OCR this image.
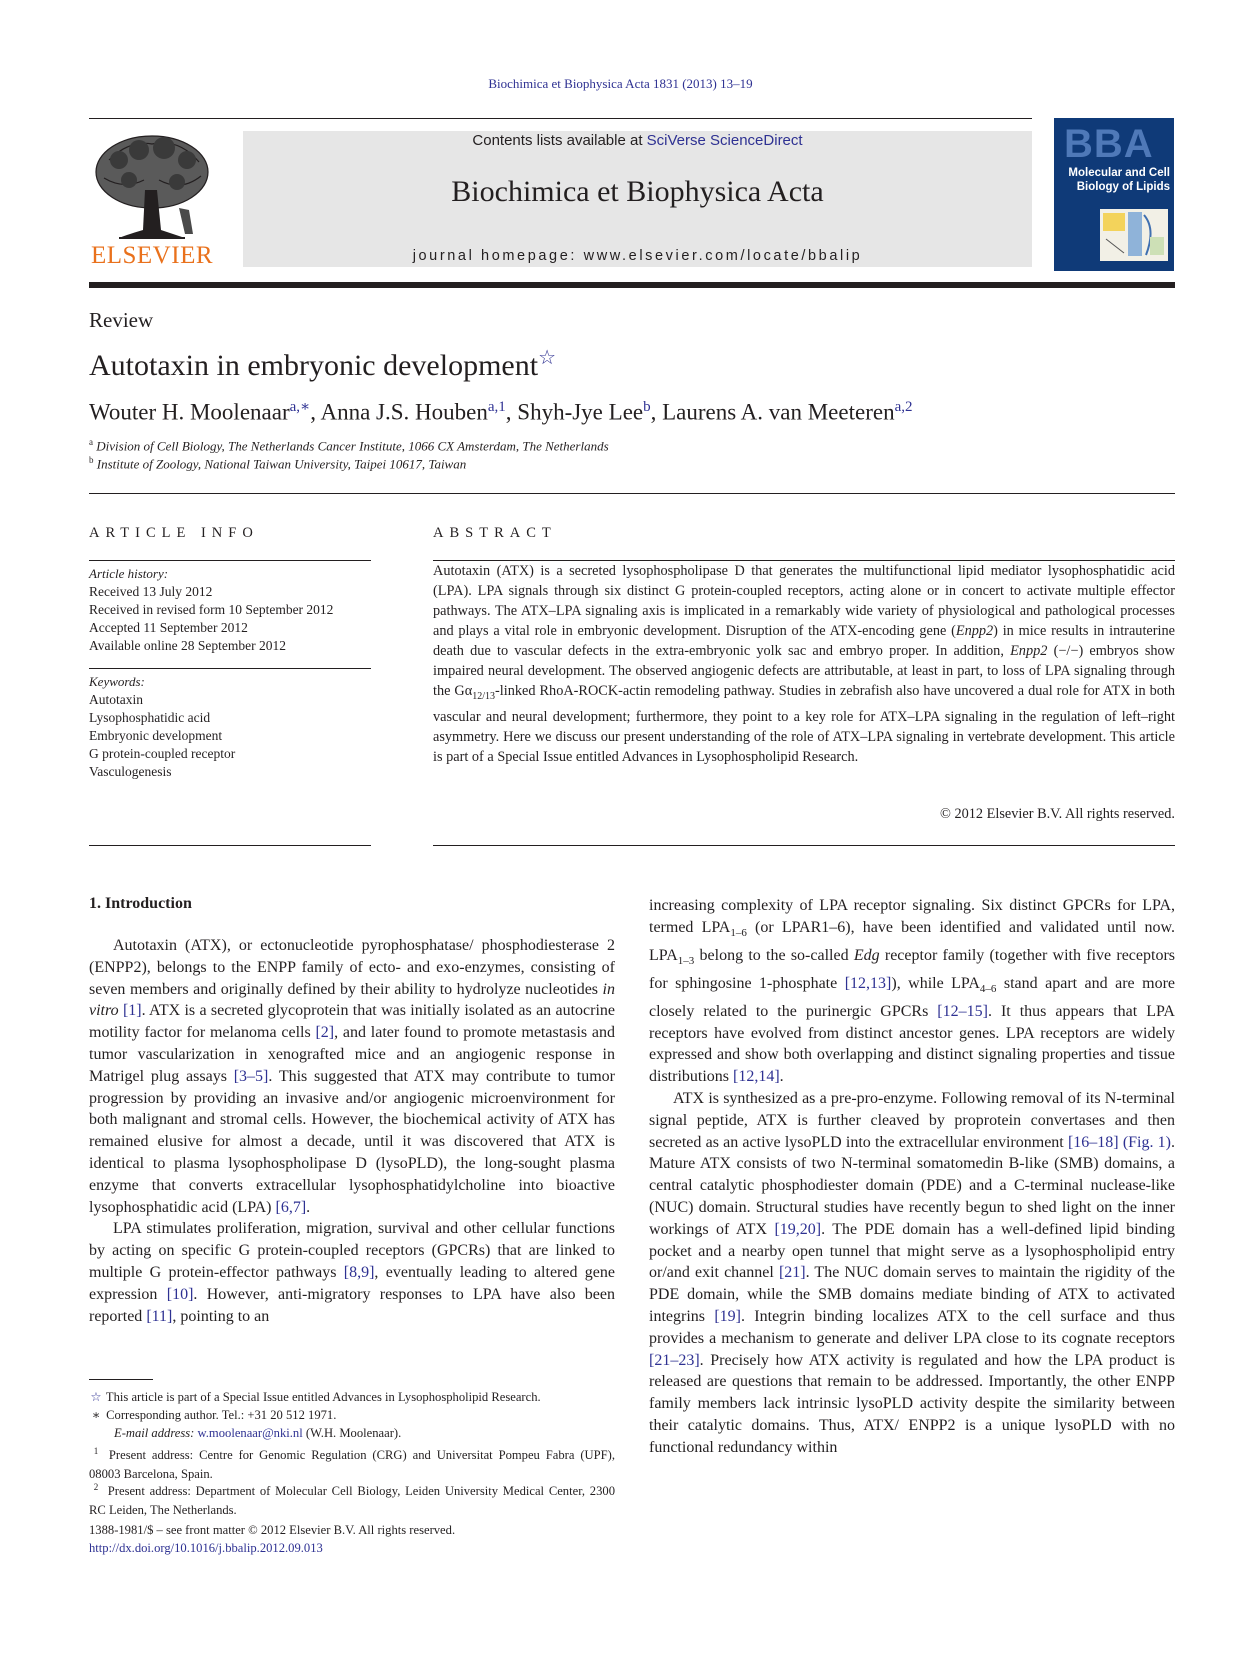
Biochimica et Biophysica Acta 1831 (2013) 13–19
ELSEVIER
Contents lists available at SciVerse ScienceDirect
Biochimica et Biophysica Acta
journal homepage: www.elsevier.com/locate/bbalip
BBA
Molecular and Cell Biology of Lipids
Review
Autotaxin in embryonic development☆
Wouter H. Moolenaar$^{a,∗}$, Anna J.S. Houben$^{a,1}$, Shyh-Jye Lee$^b$, Laurens A. van Meeteren$^{a,2}$
$^a$ Division of Cell Biology, The Netherlands Cancer Institute, 1066 CX Amsterdam, The Netherlands
$^b$ Institute of Zoology, National Taiwan University, Taipei 10617, Taiwan
ARTICLE INFO
Article history:
Received 13 July 2012
Received in revised form 10 September 2012
Accepted 11 September 2012
Available online 28 September 2012
Keywords:
Autotaxin
Lysophosphatidic acid
Embryonic development
G protein-coupled receptor
Vasculogenesis
ABSTRACT
Autotaxin (ATX) is a secreted lysophospholipase D that generates the multifunctional lipid mediator lysophosphatidic acid (LPA). LPA signals through six distinct G protein-coupled receptors, acting alone or in concert to activate multiple effector pathways. The ATX–LPA signaling axis is implicated in a remarkably wide variety of physiological and pathological processes and plays a vital role in embryonic development. Disruption of the ATX-encoding gene (Enpp2) in mice results in intrauterine death due to vascular defects in the extra-embryonic yolk sac and embryo proper. In addition, Enpp2 (−/−) embryos show impaired neural development. The observed angiogenic defects are attributable, at least in part, to loss of LPA signaling through the $G\alpha_{12/13}$-linked RhoA-ROCK-actin remodeling pathway. Studies in zebrafish also have uncovered a dual role for ATX in both vascular and neural development; furthermore, they point to a key role for ATX–LPA signaling in the regulation of left–right asymmetry. Here we discuss our present understanding of the role of ATX–LPA signaling in vertebrate development. This article is part of a Special Issue entitled Advances in Lysophospholipid Research.
© 2012 Elsevier B.V. All rights reserved.
1. Introduction

Autotaxin (ATX), or ectonucleotide pyrophosphatase/ phosphodiesterase 2 (ENPP2), belongs to the ENPP family of ecto- and exo-enzymes, consisting of seven members and originally defined by their ability to hydrolyze nucleotides in vitro [1]. ATX is a secreted glycoprotein that was initially isolated as an autocrine motility factor for melanoma cells [2], and later found to promote metastasis and tumor vascularization in xenografted mice and an angiogenic response in Matrigel plug assays [3–5]. This suggested that ATX may contribute to tumor progression by providing an invasive and/or angiogenic microenvironment for both malignant and stromal cells. However, the biochemical activity of ATX has remained elusive for almost a decade, until it was discovered that ATX is identical to plasma lysophospholipase D (lysoPLD), the long-sought plasma enzyme that converts extracellular lysophosphatidylcholine into bioactive lysophosphatidic acid (LPA) [6,7].

LPA stimulates proliferation, migration, survival and other cellular functions by acting on specific G protein-coupled receptors (GPCRs) that are linked to multiple G protein-effector pathways [8,9], eventually leading to altered gene expression [10]. However, anti-migratory responses to LPA have also been reported [11], pointing to an

increasing complexity of LPA receptor signaling. Six distinct GPCRs for LPA, termed $LPA_{1-6}$ (or LPAR1–6), have been identified and validated until now. $LPA_{1-3}$ belong to the so-called Edg receptor family (together with five receptors for sphingosine 1-phosphate [12,13]), while $LPA_{4-6}$ stand apart and are more closely related to the purinergic GPCRs [12–15]. It thus appears that LPA receptors have evolved from distinct ancestor genes. LPA receptors are widely expressed and show both overlapping and distinct signaling properties and tissue distributions [12,14].

ATX is synthesized as a pre-pro-enzyme. Following removal of its N-terminal signal peptide, ATX is further cleaved by proprotein convertases and then secreted as an active lysoPLD into the extracellular environment [16–18] (Fig. 1). Mature ATX consists of two N-terminal somatomedin B-like (SMB) domains, a central catalytic phosphodiester domain (PDE) and a C-terminal nuclease-like (NUC) domain. Structural studies have recently begun to shed light on the inner workings of ATX [19,20]. The PDE domain has a well-defined lipid binding pocket and a nearby open tunnel that might serve as a lysophospholipid entry or/and exit channel [21]. The NUC domain serves to maintain the rigidity of the PDE domain, while the SMB domains mediate binding of ATX to activated integrins [19]. Integrin binding localizes ATX to the cell surface and thus provides a mechanism to generate and deliver LPA close to its cognate receptors [21–23]. Precisely how ATX activity is regulated and how the LPA product is released are questions that remain to be addressed. Importantly, the other ENPP family members lack intrinsic lysoPLD activity despite the similarity between their catalytic domains. Thus, ATX/ ENPP2 is a unique lysoPLD with no functional redundancy within

☆ This article is part of a Special Issue entitled Advances in Lysophospholipid Research.
∗ Corresponding author. Tel.: +31 20 512 1971.
E-mail address: w.moolenaar@nki.nl (W.H. Moolenaar).
$^1$ Present address: Centre for Genomic Regulation (CRG) and Universitat Pompeu Fabra (UPF), 08003 Barcelona, Spain.
$^2$ Present address: Department of Molecular Cell Biology, Leiden University Medical Center, 2300 RC Leiden, The Netherlands.
1388-1981/$ – see front matter © 2012 Elsevier B.V. All rights reserved.
http://dx.doi.org/10.1016/j.bbalip.2012.09.013
